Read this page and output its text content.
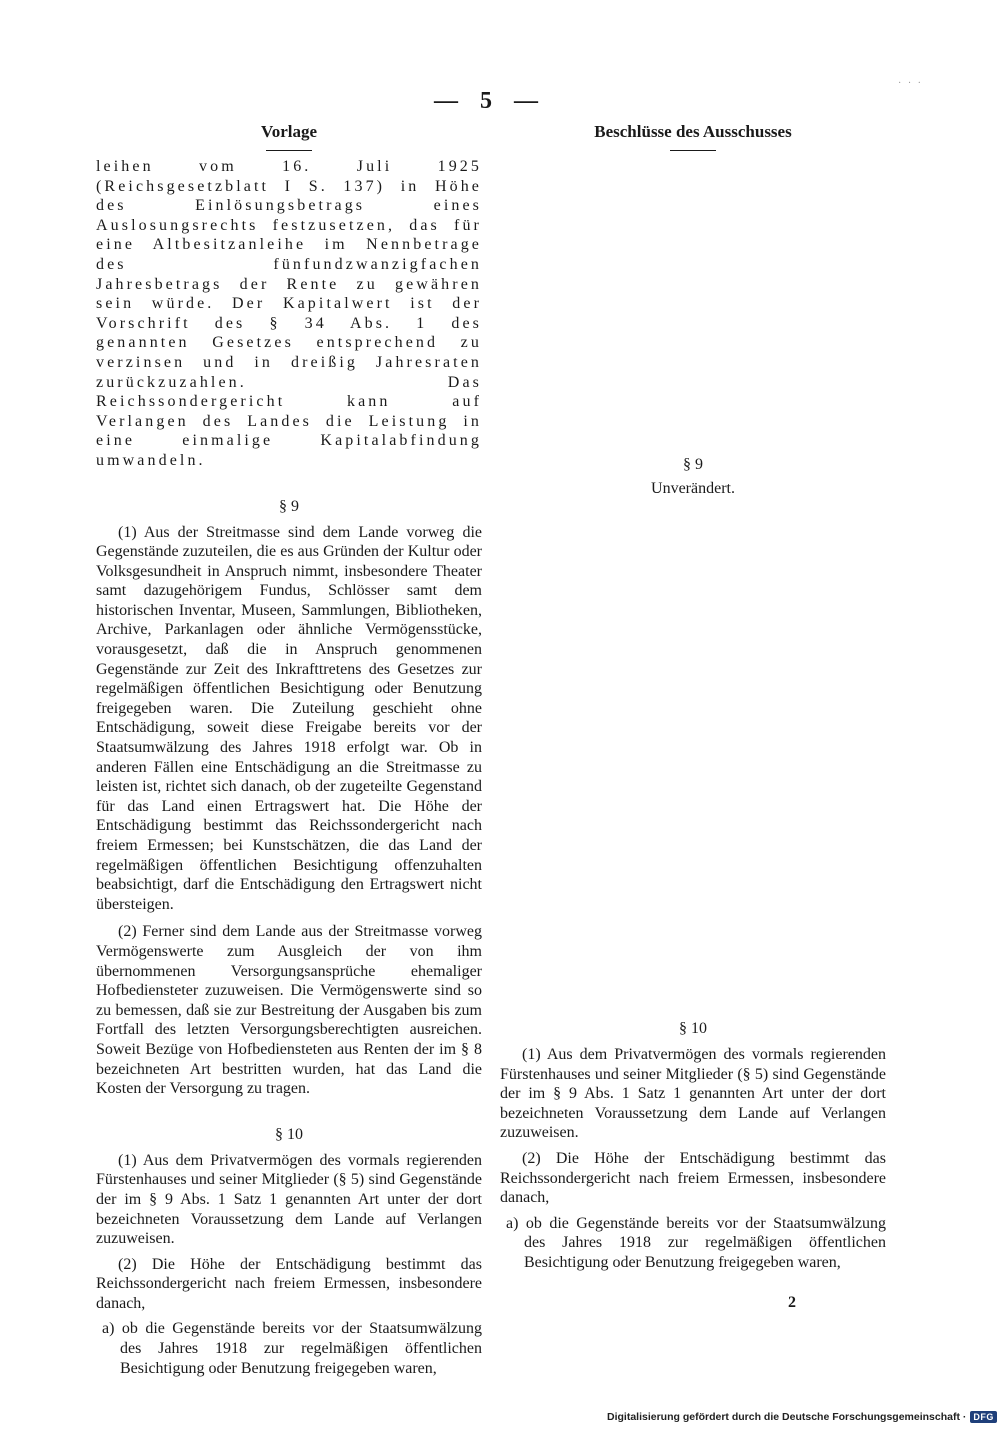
· · ·
— 5 —
Vorlage

leihen vom 16. Juli 1925 (Reichsgesetzblatt I S. 137) in Höhe des Einlösungsbetrags eines Auslosungsrechts festzusetzen, das für eine Altbesitzanleihe im Nennbetrage des fünfundzwanzigfachen Jahresbetrags der Rente zu gewähren sein würde. Der Kapitalwert ist der Vorschrift des § 34 Abs. 1 des genannten Gesetzes entsprechend zu verzinsen und in dreißig Jahresraten zurückzuzahlen. Das Reichssondergericht kann auf Verlangen des Landes die Leistung in eine einmalige Kapitalabfindung umwandeln.

§ 9

(1) Aus der Streitmasse sind dem Lande vorweg die Gegenstände zuzuteilen, die es aus Gründen der Kultur oder Volksgesundheit in Anspruch nimmt, insbesondere Theater samt dazugehörigem Fundus, Schlösser samt dem historischen Inventar, Museen, Sammlungen, Bibliotheken, Archive, Parkanlagen oder ähnliche Vermögensstücke, vorausgesetzt, daß die in Anspruch genommenen Gegenstände zur Zeit des Inkrafttretens des Gesetzes zur regelmäßigen öffentlichen Besichtigung oder Benutzung freigegeben waren. Die Zuteilung geschieht ohne Entschädigung, soweit diese Freigabe bereits vor der Staatsumwälzung des Jahres 1918 erfolgt war. Ob in anderen Fällen eine Entschädigung an die Streitmasse zu leisten ist, richtet sich danach, ob der zugeteilte Gegenstand für das Land einen Ertragswert hat. Die Höhe der Entschädigung bestimmt das Reichssondergericht nach freiem Ermessen; bei Kunstschätzen, die das Land der regelmäßigen öffentlichen Besichtigung offenzuhalten beabsichtigt, darf die Entschädigung den Ertragswert nicht übersteigen.

(2) Ferner sind dem Lande aus der Streitmasse vorweg Vermögenswerte zum Ausgleich der von ihm übernommenen Versorgungsansprüche ehemaliger Hofbediensteter zuzuweisen. Die Vermögenswerte sind so zu bemessen, daß sie zur Bestreitung der Ausgaben bis zum Fortfall des letzten Versorgungsberechtigten ausreichen. Soweit Bezüge von Hofbediensteten aus Renten der im § 8 bezeichneten Art bestritten wurden, hat das Land die Kosten der Versorgung zu tragen.

§ 10

(1) Aus dem Privatvermögen des vormals regierenden Fürstenhauses und seiner Mitglieder (§ 5) sind Gegenstände der im § 9 Abs. 1 Satz 1 genannten Art unter der dort bezeichneten Voraussetzung dem Lande auf Verlangen zuzuweisen.

(2) Die Höhe der Entschädigung bestimmt das Reichssondergericht nach freiem Ermessen, insbesondere danach,

a) ob die Gegenstände bereits vor der Staatsumwälzung des Jahres 1918 zur regelmäßigen öffentlichen Besichtigung oder Benutzung freigegeben waren,

Beschlüsse des Ausschusses

§ 9

Unverändert.

§ 10

(1) Aus dem Privatvermögen des vormals regierenden Fürstenhauses und seiner Mitglieder (§ 5) sind Gegenstände der im § 9 Abs. 1 Satz 1 genannten Art unter der dort bezeichneten Voraussetzung dem Lande auf Verlangen zuzuweisen.

(2) Die Höhe der Entschädigung bestimmt das Reichssondergericht nach freiem Ermessen, insbesondere danach,

a) ob die Gegenstände bereits vor der Staatsumwälzung des Jahres 1918 zur regelmäßigen öffentlichen Besichtigung oder Benutzung freigegeben waren,

2
Digitalisierung gefördert durch die Deutsche Forschungsgemeinschaft · DFG
